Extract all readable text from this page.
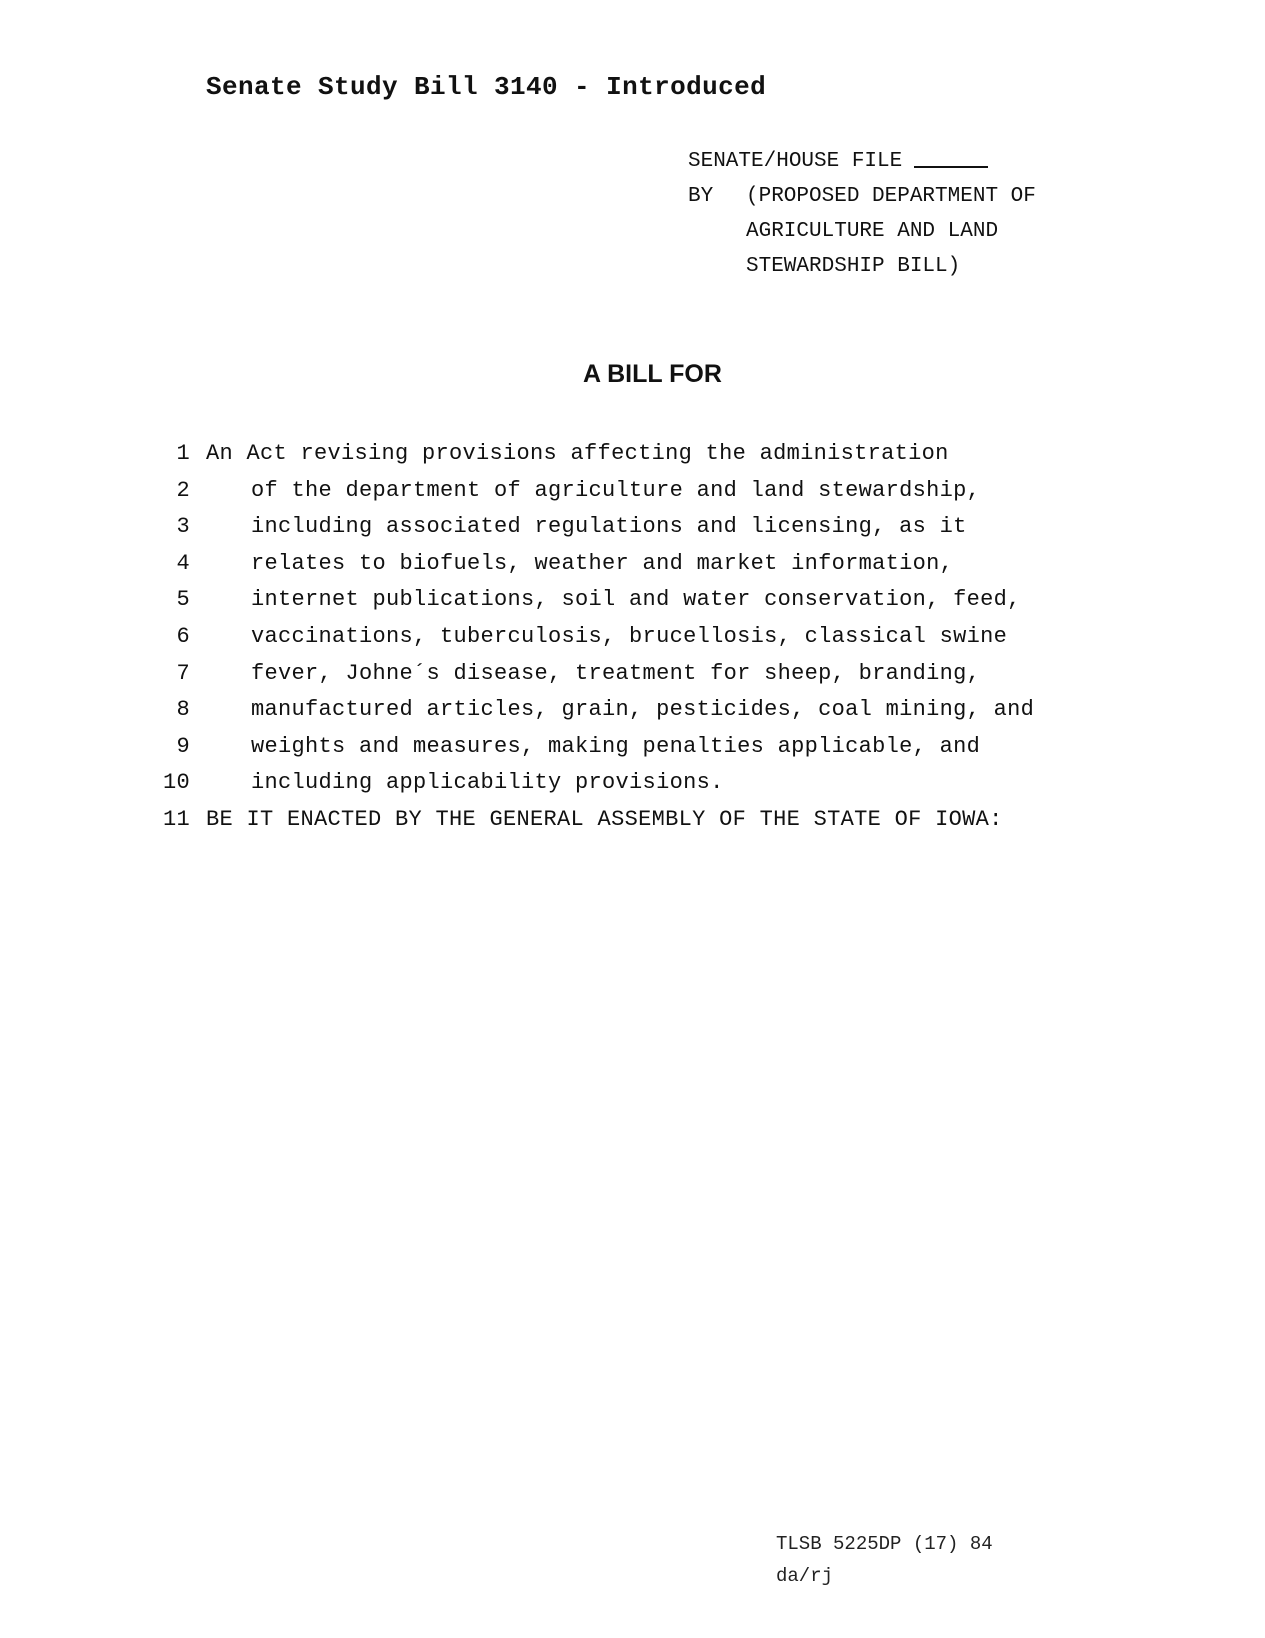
Senate Study Bill 3140 - Introduced
SENATE/HOUSE FILE
BY	(PROPOSED DEPARTMENT OF
AGRICULTURE AND LAND
STEWARDSHIP BILL)
A BILL FOR
1 An Act revising provisions affecting the administration
2	of the department of agriculture and land stewardship,
3	including associated regulations and licensing, as it
4	relates to biofuels, weather and market information,
5	internet publications, soil and water conservation, feed,
6	vaccinations, tuberculosis, brucellosis, classical swine
7	fever, Johne´s disease, treatment for sheep, branding,
8	manufactured articles, grain, pesticides, coal mining, and
9	weights and measures, making penalties applicable, and
10	including applicability provisions.
11 BE IT ENACTED BY THE GENERAL ASSEMBLY OF THE STATE OF IOWA:
TLSB 5225DP (17) 84
da/rj
